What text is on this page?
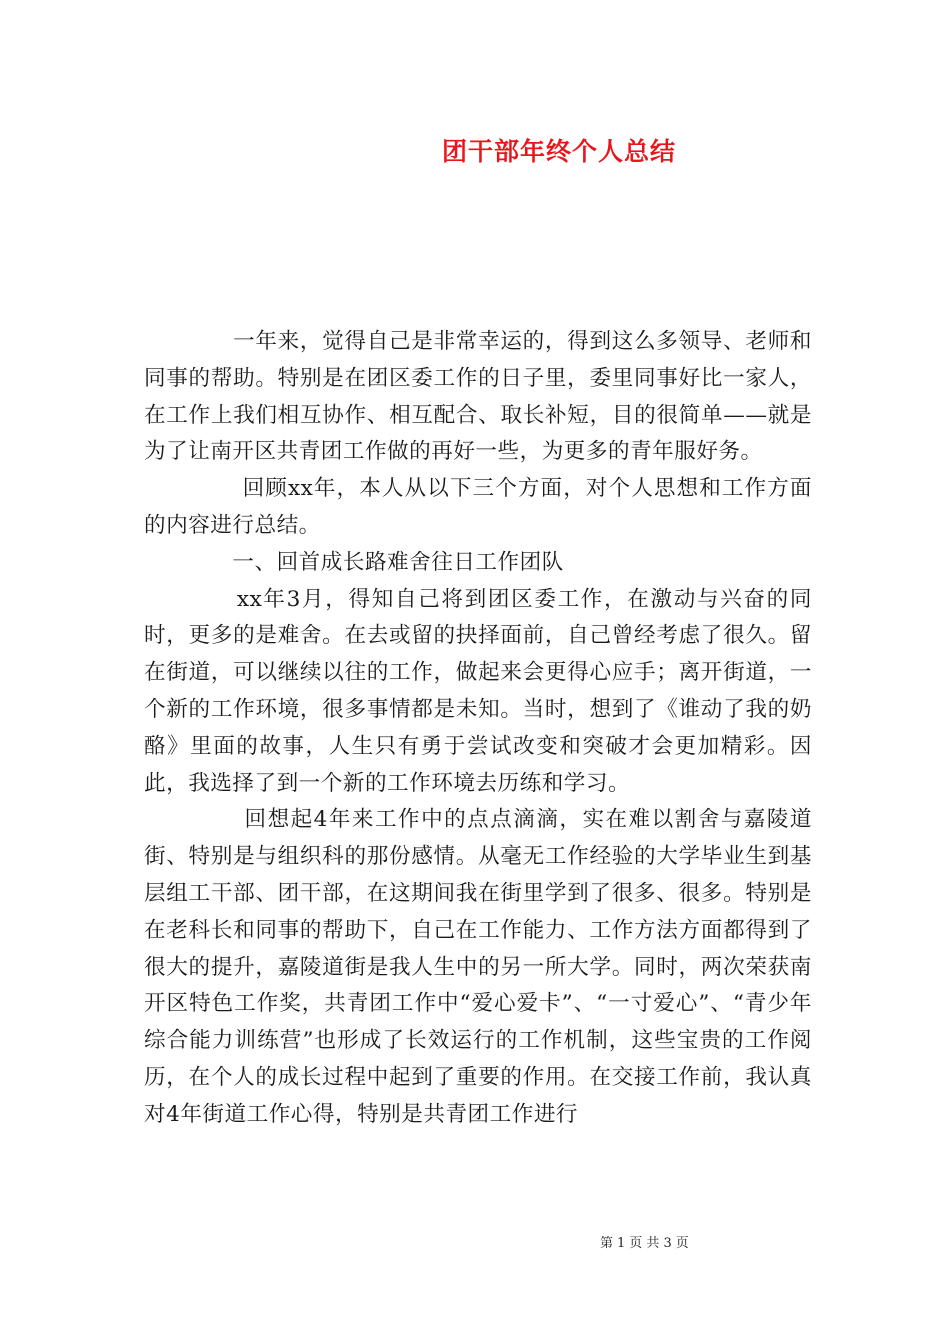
团干部年终个人总结

　　　　一年来，觉得自己是非常幸运的，得到这么多领导、老师和同事的帮助。特别是在团区委工作的日子里，委里同事好比一家人，在工作上我们相互协作、相互配合、取长补短，目的很简单——就是为了让南开区共青团工作做的再好一些，为更多的青年服好务。

　　　　 回顾xx年，本人从以下三个方面，对个人思想和工作方面的内容进行总结。

　　　　一、回首成长路难舍往日工作团队

　　　　xx年3月，得知自己将到团区委工作，在激动与兴奋的同时，更多的是难舍。在去或留的抉择面前，自己曾经考虑了很久。留在街道，可以继续以往的工作，做起来会更得心应手；离开街道，一个新的工作环境，很多事情都是未知。当时，想到了《谁动了我的奶酪》里面的故事，人生只有勇于尝试改变和突破才会更加精彩。因此，我选择了到一个新的工作环境去历练和学习。

　　　　 回想起4年来工作中的点点滴滴，实在难以割舍与嘉陵道街、特别是与组织科的那份感情。从毫无工作经验的大学毕业生到基层组工干部、团干部，在这期间我在街里学到了很多、很多。特别是在老科长和同事的帮助下，自己在工作能力、工作方法方面都得到了很大的提升，嘉陵道街是我人生中的另一所大学。同时，两次荣获南开区特色工作奖，共青团工作中“爱心爱卡”、“一寸爱心”、“青少年综合能力训练营”也形成了长效运行的工作机制，这些宝贵的工作阅历，在个人的成长过程中起到了重要的作用。在交接工作前，我认真对4年街道工作心得，特别是共青团工作进行

第 1 页 共 3 页
